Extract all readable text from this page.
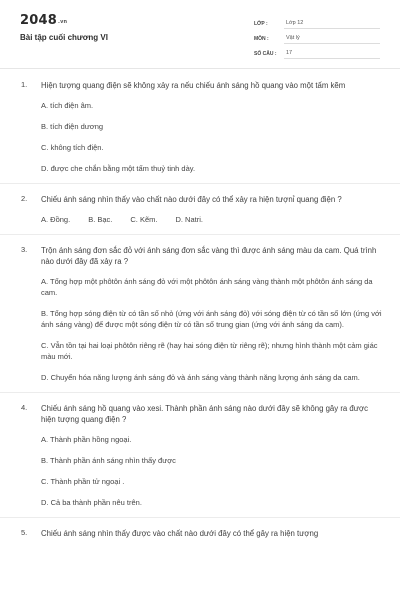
$2048^{.vn}$
Bài tập cuối chương VI
LỚP :	Lớp 12
MÔN :	Vật lý
SỐ CÂU :	17
1. Hiện tượng quang điện sẽ không xảy ra nếu chiếu ánh sáng hồ quang vào một tấm kẽm
A. tích điện âm.
B. tích điện dương
C. không tích điện.
D. được che chắn bằng một tấm thuỷ tinh dày.
2. Chiếu ánh sáng nhìn thấy vào chất nào dưới đây có thể xảy ra hiện tượnỉ quang điện ?
A. Đồng. B. Bạc. C. Kẽm. D. Natri.
3. Trộn ánh sáng đơn sắc đỏ với ánh sáng đơn sắc vàng thì được ánh sáng màu da cam. Quá trình nào dưới đây đã xảy ra ?
A. Tổng hợp một phôtôn ánh sáng đỏ với một phôtôn ánh sáng vàng thành một phôtôn ánh sáng da cam.
B. Tổng hợp sóng điện từ có tần số nhỏ (ứng với ánh sáng đỏ) với sóng điện từ có tần số lớn (ứng với ánh sáng vàng) để được một sóng điện từ có tần số trung gian (ứng với ánh sáng da cam).
C. Vẫn tồn tại hai loại phôtôn riêng rẽ (hay hai sóng điện từ riêng rẽ); nhưng hình thành một cảm giác màu mới.
D. Chuyển hóa năng lượng ánh sáng đỏ và ánh sáng vàng thành năng lượng ánh sáng da cam.
4. Chiếu ánh sáng hồ quang vào xesi. Thành phần ánh sáng nào dưới đây sẽ không gây ra được hiện tượng quang điện ?
A. Thành phần hồng ngoại.
B. Thành phần ánh sáng nhìn thấy được
C. Thành phần tử ngoại .
D. Cả ba thành phần nêu trên.
5. Chiếu ánh sáng nhìn thấy được vào chất nào dưới đây có thể gây ra hiện tượng
